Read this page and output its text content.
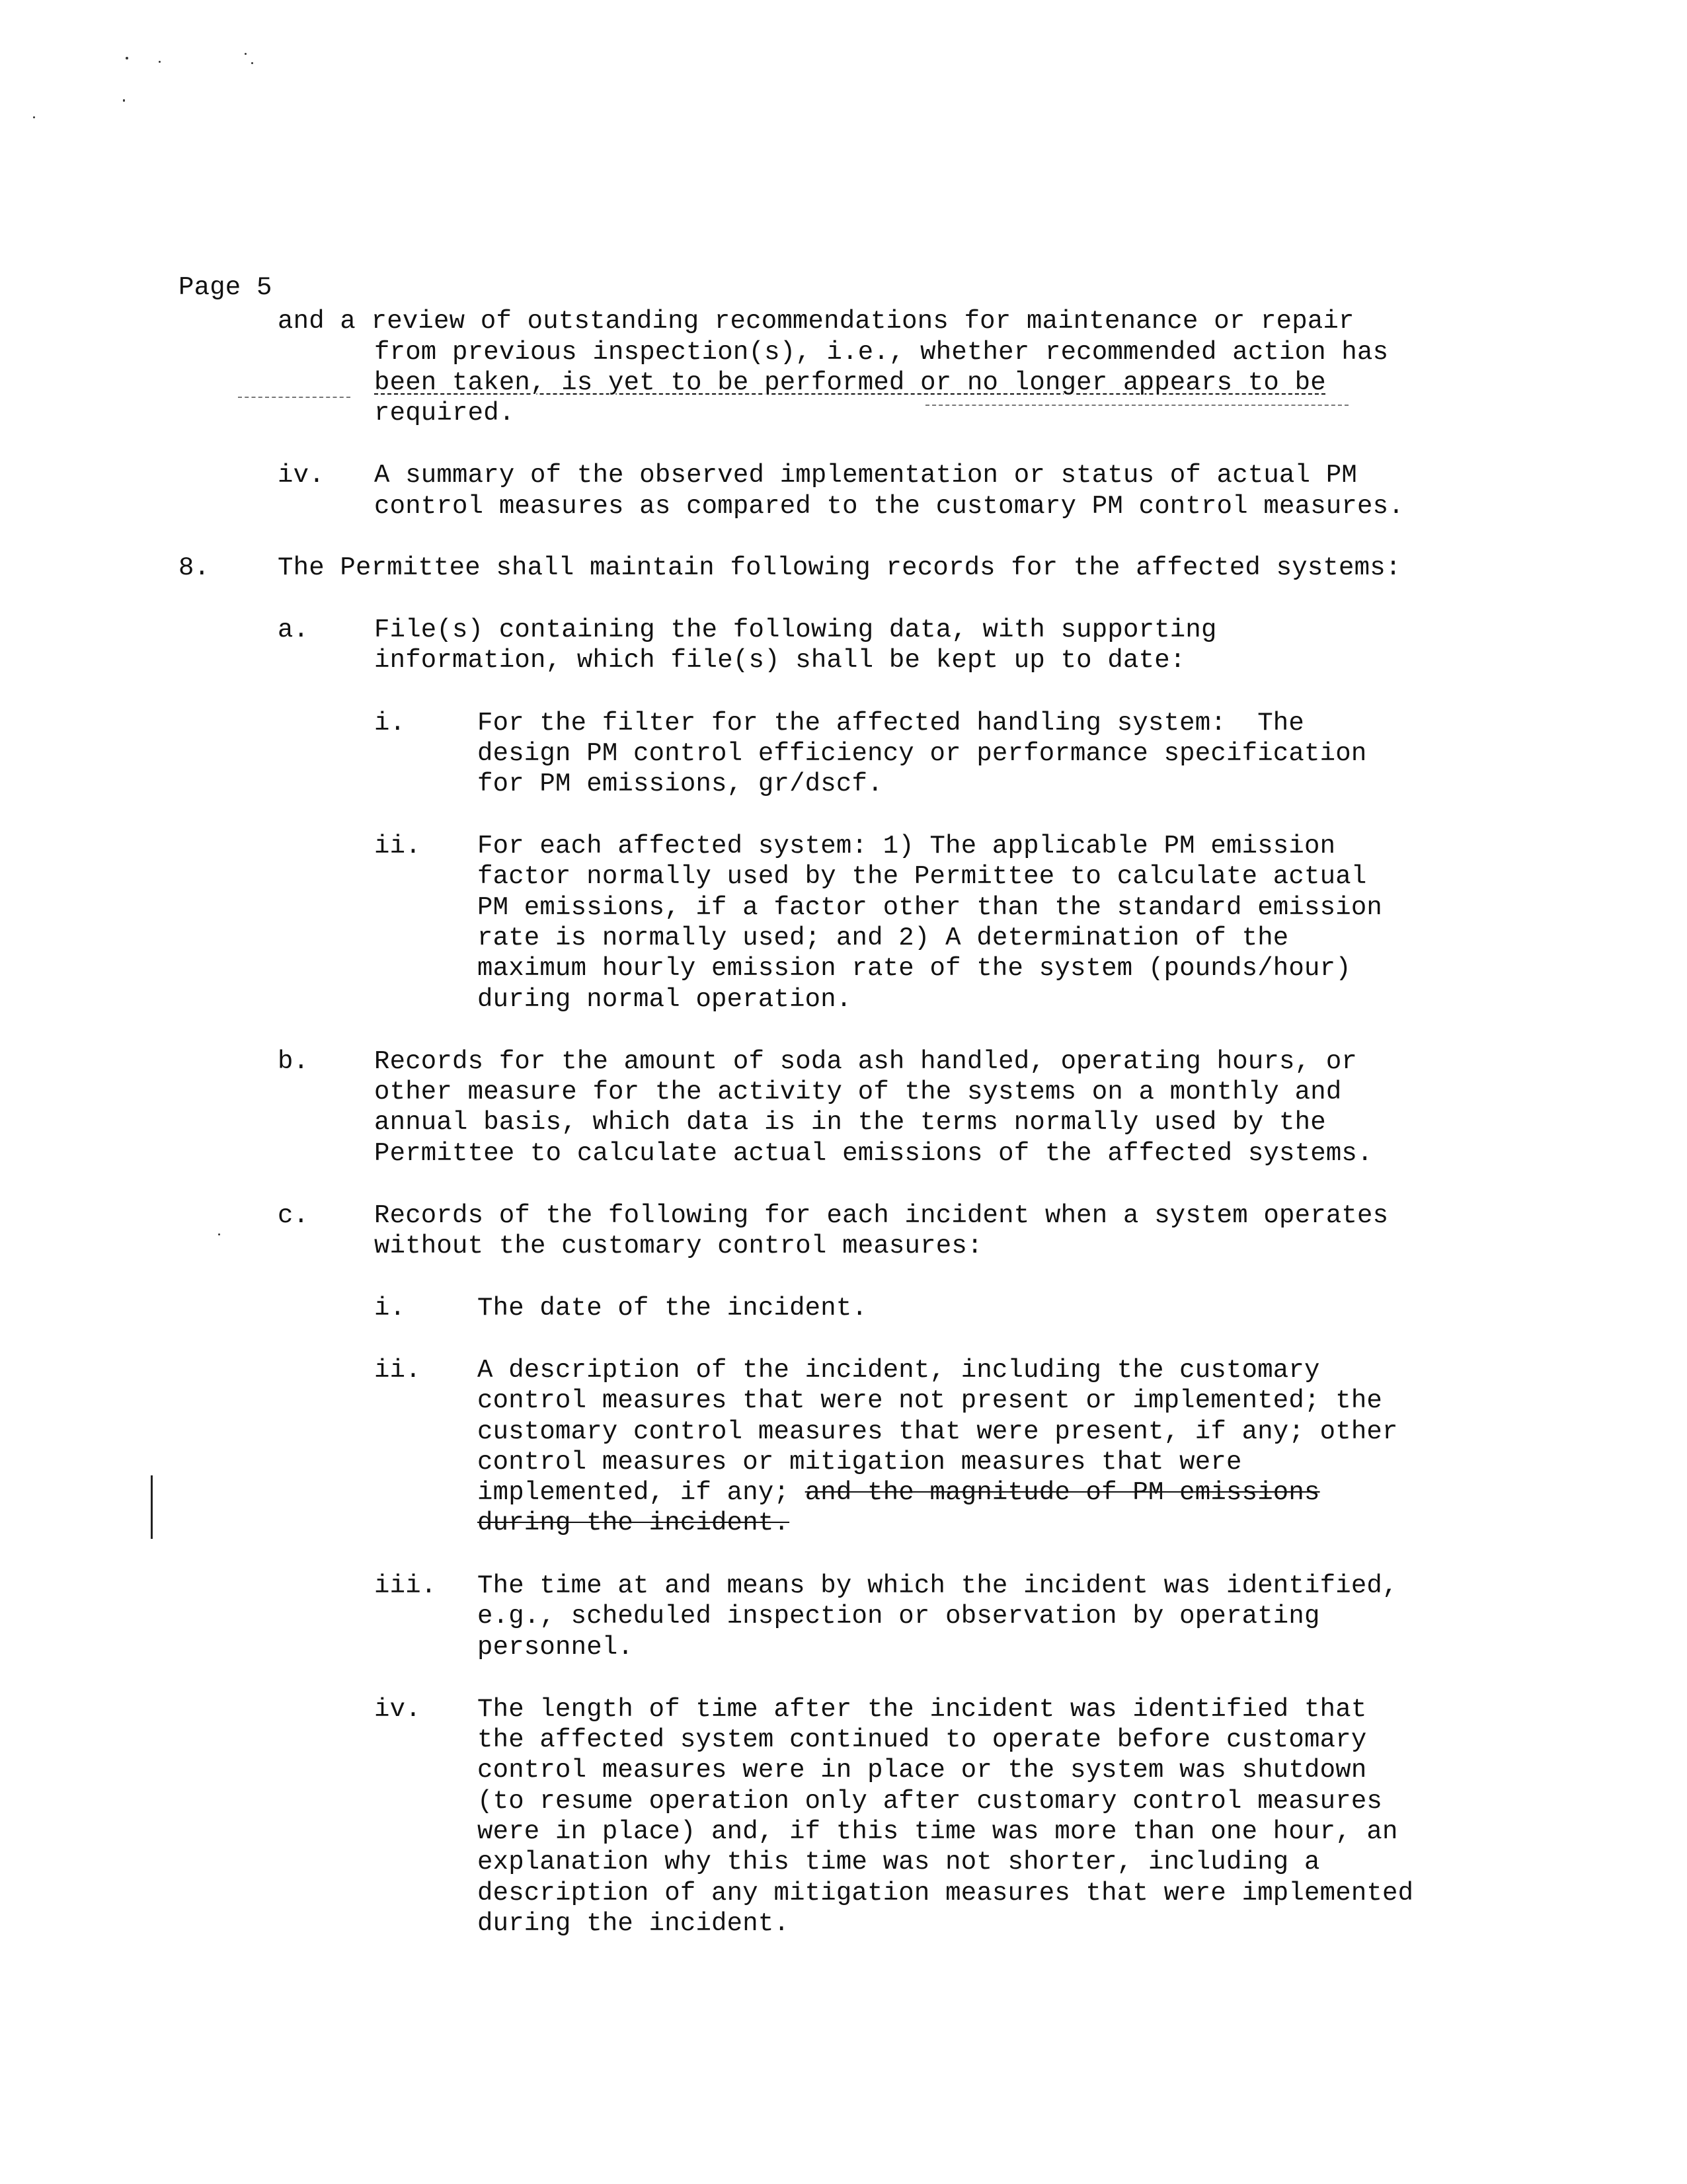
Page 5
and a review of outstanding recommendations for maintenance or repair
from previous inspection(s), i.e., whether recommended action has
been taken, is yet to be performed or no longer appears to be
required.
iv. A summary of the observed implementation or status of actual PM
control measures as compared to the customary PM control measures.
8.	The Permittee shall maintain following records for the affected systems:
a.	File(s) containing the following data, with supporting
information, which file(s) shall be kept up to date:
i.	For the filter for the affected handling system:  The
design PM control efficiency or performance specification
for PM emissions, gr/dscf.
ii. For each affected system: 1) The applicable PM emission
factor normally used by the Permittee to calculate actual
PM emissions, if a factor other than the standard emission
rate is normally used; and 2) A determination of the
maximum hourly emission rate of the system (pounds/hour)
during normal operation.
b.	Records for the amount of soda ash handled, operating hours, or
other measure for the activity of the systems on a monthly and
annual basis, which data is in the terms normally used by the
Permittee to calculate actual emissions of the affected systems.
c.	Records of the following for each incident when a system operates
without the customary control measures:
i.	The date of the incident.
ii. A description of the incident, including the customary
control measures that were not present or implemented; the
customary control measures that were present, if any; other
control measures or mitigation measures that were
implemented, if any; and the magnitude of PM emissions
during the incident.
iii. The time at and means by which the incident was identified,
e.g., scheduled inspection or observation by operating
personnel.
iv. The length of time after the incident was identified that
the affected system continued to operate before customary
control measures were in place or the system was shutdown
(to resume operation only after customary control measures
were in place) and, if this time was more than one hour, an
explanation why this time was not shorter, including a
description of any mitigation measures that were implemented
during the incident.
